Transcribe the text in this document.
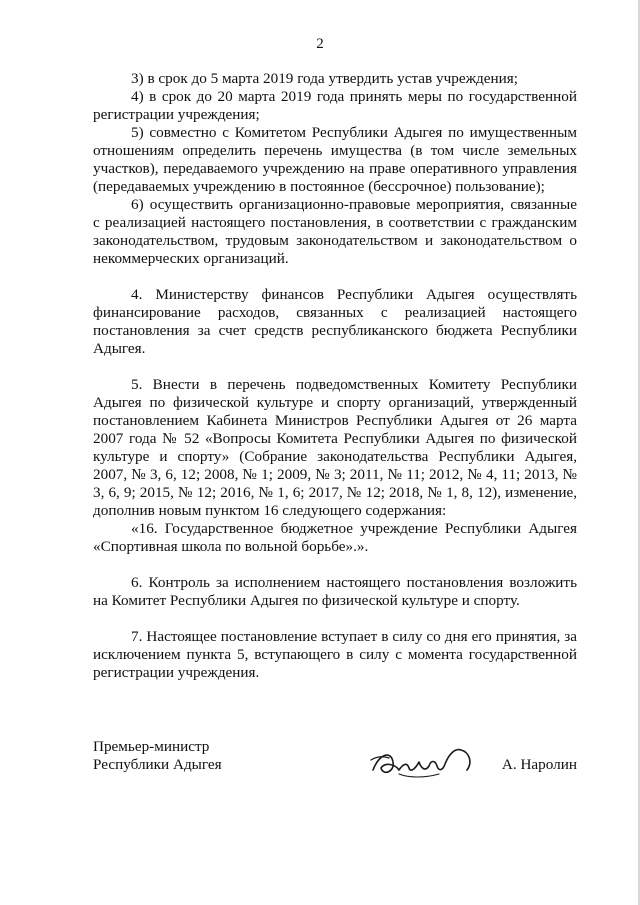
2

3) в срок до 5 марта 2019 года утвердить устав учреждения;

4) в срок до 20 марта 2019 года принять меры по государственной регистрации учреждения;

5) совместно с Комитетом Республики Адыгея по имущественным отношениям определить перечень имущества (в том числе земельных участков), передаваемого учреждению на праве оперативного управления (передаваемых учреждению в постоянное (бессрочное) пользование);

6) осуществить организационно-правовые мероприятия, связанные с реализацией настоящего постановления, в соответствии с гражданским законодательством, трудовым законодательством и законодательством о некоммерческих организаций.

4. Министерству финансов Республики Адыгея осуществлять финансирование расходов, связанных с реализацией настоящего постановления за счет средств республиканского бюджета Республики Адыгея.

5. Внести в перечень подведомственных Комитету Республики Адыгея по физической культуре и спорту организаций, утвержденный постановлением Кабинета Министров Республики Адыгея от 26 марта 2007 года № 52 «Вопросы Комитета Республики Адыгея по физической культуре и спорту» (Собрание законодательства Республики Адыгея, 2007, № 3, 6, 12; 2008, № 1; 2009, № 3; 2011, № 11; 2012, № 4, 11; 2013, № 3, 6, 9; 2015, № 12; 2016, № 1, 6; 2017, № 12; 2018, № 1, 8, 12), изменение, дополнив новым пунктом 16 следующего содержания:

«16. Государственное бюджетное учреждение Республики Адыгея «Спортивная школа по вольной борьбе».».

6. Контроль за исполнением настоящего постановления возложить на Комитет Республики Адыгея по физической культуре и спорту.

7. Настоящее постановление вступает в силу со дня его принятия, за исключением пункта 5, вступающего в силу с момента государственной регистрации учреждения.

Премьер-министр
Республики Адыгея	А. Наролин
